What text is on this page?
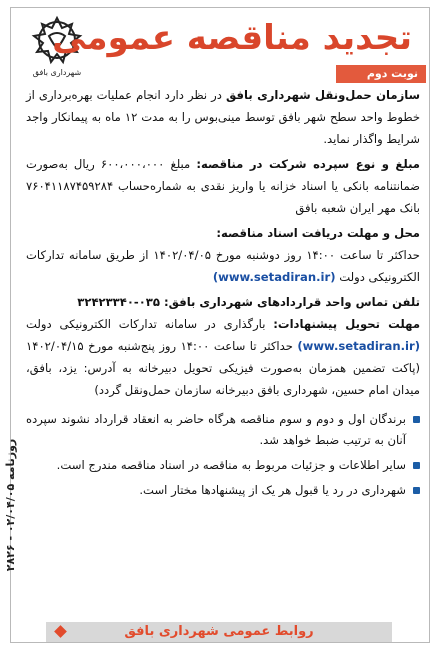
شهرداری بافق
تجدید مناقصه عمومی
نوبت دوم

سازمان حمل‌ونقل شهرداری بافق در نظر دارد انجام عملیات بهره‌برداری از خطوط واحد سطح شهر بافق توسط مینی‌بوس را به مدت ۱۲ ماه به پیمانکار واجد شرایط واگذار نماید.

مبلغ و نوع سپرده شرکت در مناقصه: مبلغ ۶۰۰،۰۰۰،۰۰۰ ریال به‌صورت ضمانتنامه بانکی یا اسناد خزانه یا واریز نقدی به شماره‌حساب ۷۶۰۴۱۱۸۷۴۵۹۲۸۴ بانک مهر ایران شعبه بافق

محل و مهلت دریافت اسناد مناقصه:

حداکثر تا ساعت ۱۴:۰۰ روز دوشنبه مورخ ۱۴۰۲/۰۴/۰۵ از طریق سامانه تدارکات الکترونیکی دولت (www.setadiran.ir)

تلفن تماس واحد قراردادهای شهرداری بافق: ۰۳۵-۳۲۴۲۳۳۴۰

مهلت تحویل پیشنهادات: بارگذاری در سامانه تدارکات الکترونیکی دولت (www.setadiran.ir) حداکثر تا ساعت ۱۴:۰۰ روز پنج‌شنبه مورخ ۱۴۰۲/۰۴/۱۵ (پاکت تضمین همزمان به‌صورت فیزیکی تحویل دبیرخانه به آدرس: یزد، بافق، میدان امام حسین، شهرداری بافق دبیرخانه سازمان حمل‌ونقل گردد)

برندگان اول و دوم و سوم مناقصه هرگاه حاضر به انعقاد قرارداد نشوند سپرده آنان به ترتیب ضبط خواهد شد.
سایر اطلاعات و جزئیات مربوط به مناقصه در اسناد مناقصه مندرج است.
شهرداری در رد یا قبول هر یک از پیشنهادها مختار است.
روزنامه ۰۲/۰۴/۰۵ - ۲۸۲۶
روابط عمومی شهرداری بافق
